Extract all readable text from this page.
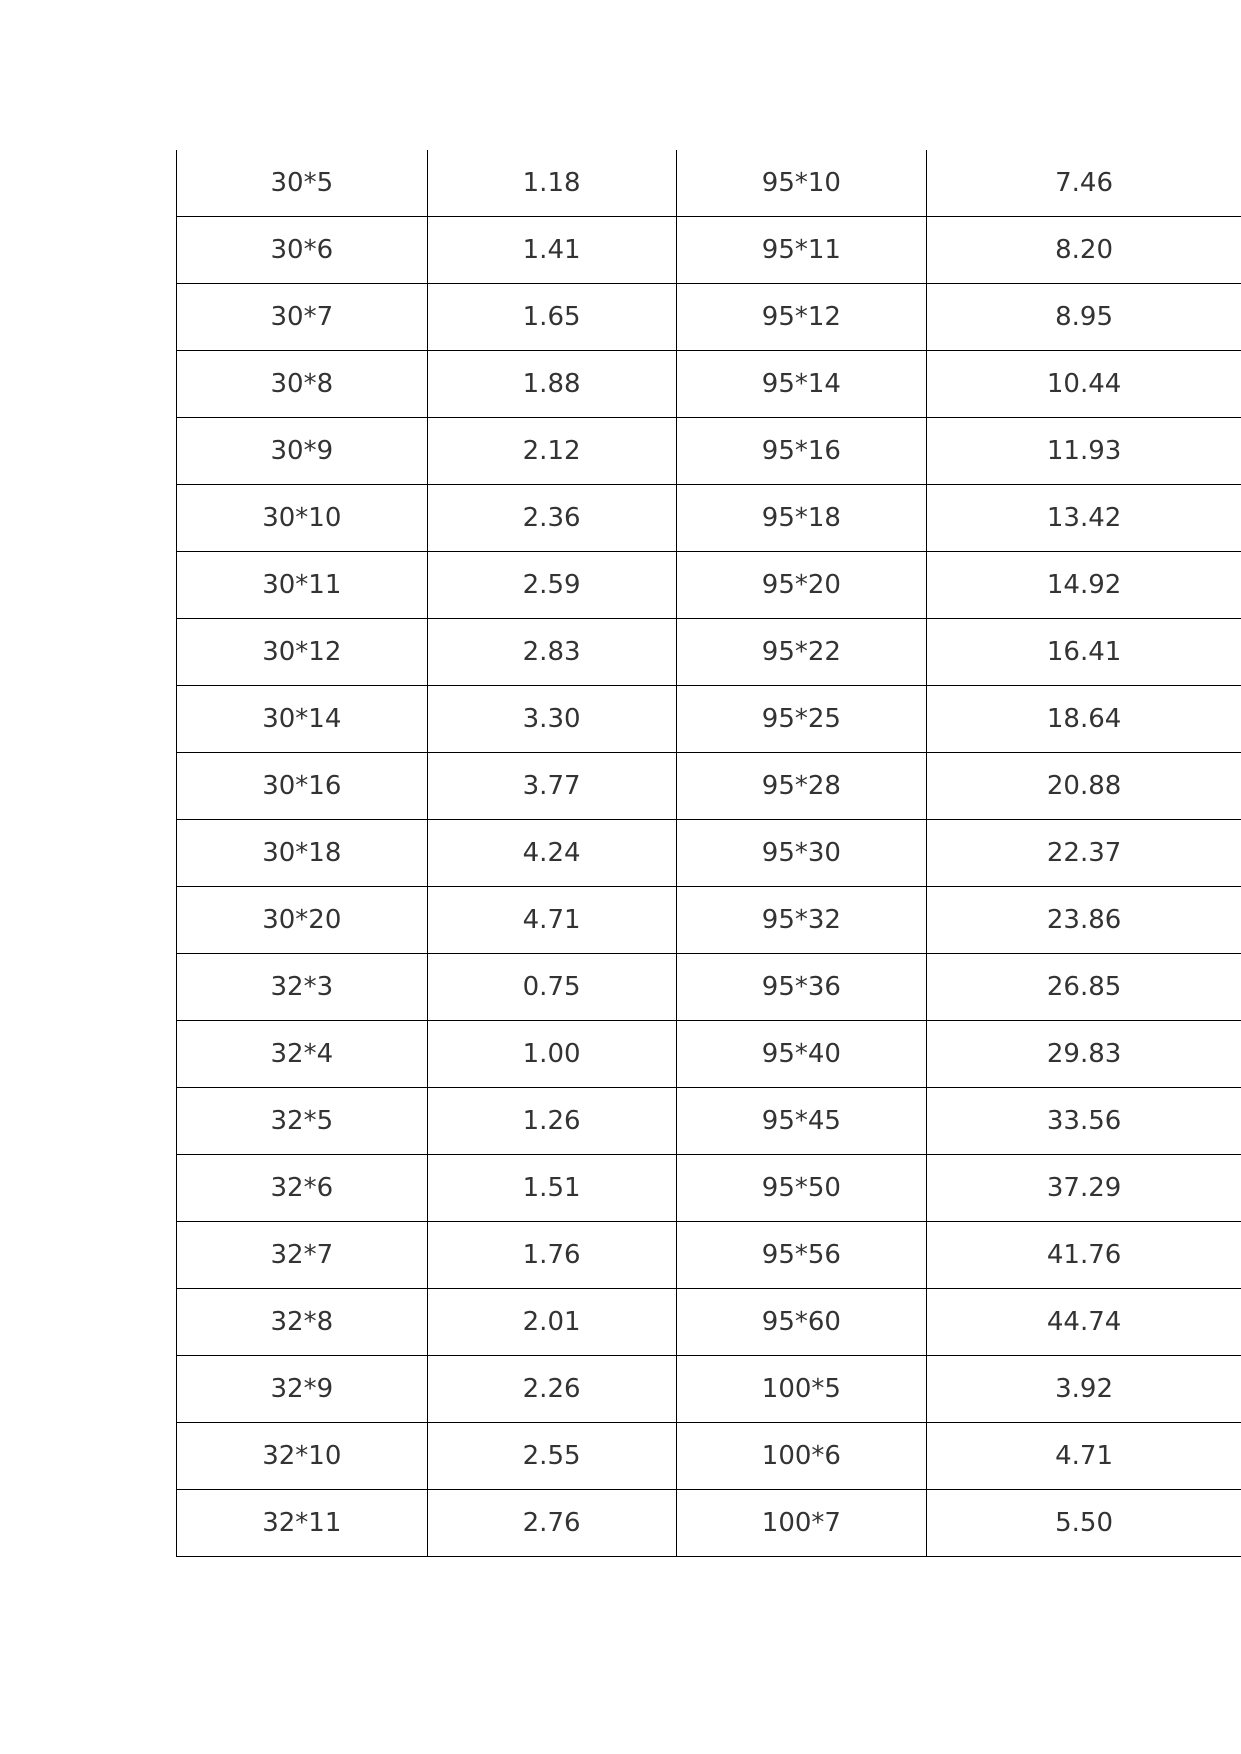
30*5	1.18	95*10	7.46
30*6	1.41	95*11	8.20
30*7	1.65	95*12	8.95
30*8	1.88	95*14	10.44
30*9	2.12	95*16	11.93
30*10	2.36	95*18	13.42
30*11	2.59	95*20	14.92
30*12	2.83	95*22	16.41
30*14	3.30	95*25	18.64
30*16	3.77	95*28	20.88
30*18	4.24	95*30	22.37
30*20	4.71	95*32	23.86
32*3	0.75	95*36	26.85
32*4	1.00	95*40	29.83
32*5	1.26	95*45	33.56
32*6	1.51	95*50	37.29
32*7	1.76	95*56	41.76
32*8	2.01	95*60	44.74
32*9	2.26	100*5	3.92
32*10	2.55	100*6	4.71
32*11	2.76	100*7	5.50
